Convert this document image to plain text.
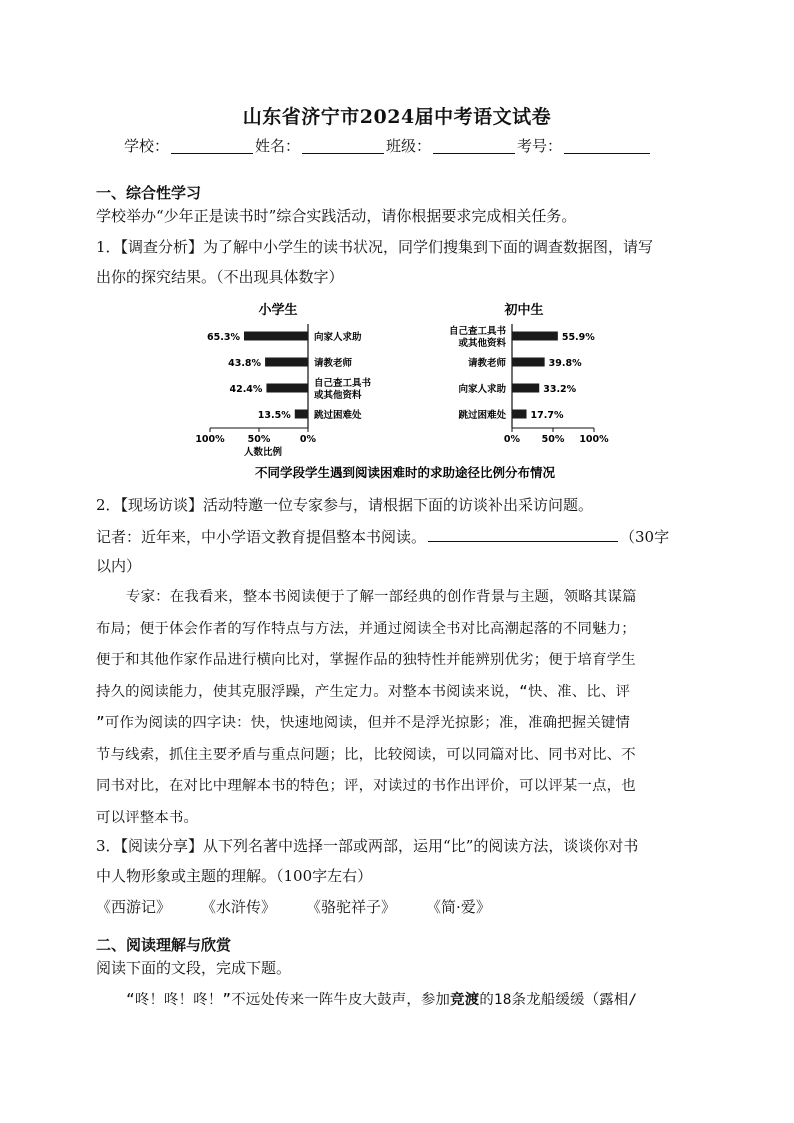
山东省济宁市2024届中考语文试卷
学校：	姓名：	班级：	考号：
一、综合性学习
学校举办“少年正是读书时”综合实践活动，请你根据要求完成相关任务。
1．【调查分析】为了解中小学生的读书状况，同学们搜集到下面的调查数据图，请写
出你的探究结果。（不出现具体数字）
小学生
65.3%	向家人求助
43.8%	请教老师
42.4%
自己查工具书
或其他资料
13.5% 跳过困难处
100% 50%	0%
人数比例
初中生
55.9%
自己查工具书
或其他资料
39.8%
请教老师
33.2%
向家人求助
17.7%
跳过困难处
0% 50% 100%
不同学段学生遇到阅读困难时的求助途径比例分布情况
2．【现场访谈】活动特邀一位专家参与，请根据下面的访谈补出采访问题。
记者：近年来，中小学语文教育提倡整本书阅读。	（30字
以内）
专家：在我看来，整本书阅读便于了解一部经典的创作背景与主题，领略其谋篇
布局；便于体会作者的写作特点与方法，并通过阅读全书对比高潮起落的不同魅力；
便于和其他作家作品进行横向比对，掌握作品的独特性并能辨别优劣；便于培育学生
持久的阅读能力，使其克服浮躁，产生定力。对整本书阅读来说，“快、准、比、评
”可作为阅读的四字诀：快，快速地阅读，但并不是浮光掠影；准，准确把握关键情
节与线索，抓住主要矛盾与重点问题；比，比较阅读，可以同篇对比、同书对比、不
同书对比，在对比中理解本书的特色；评，对读过的书作出评价，可以评某一点，也
可以评整本书。
3．【阅读分享】从下列名著中选择一部或两部，运用“比”的阅读方法，谈谈你对书
中人物形象或主题的理解。（100字左右）
《西游记》 《水浒传》 《骆驼祥子》 《简·爱》
二、阅读理解与欣赏
阅读下面的文段，完成下题。
“咚！咚！咚！”不远处传来一阵牛皮大鼓声，参加竞渡的18条龙船缓缓（露相/
